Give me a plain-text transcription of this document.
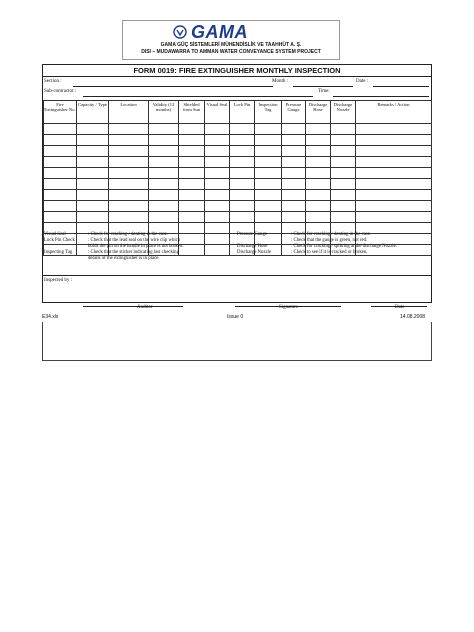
GAMA
GAMA GÜÇ SİSTEMLERİ MÜHENDİSLİK VE TAAHHÜT A. Ş.
DISI – MUDAWARRA TO AMMAN WATER CONVEYANCE SYSTEM PROJECT
FORM 0019: FIRE EXTINGUISHER MONTHLY INSPECTION
Section :	Month :	Date :
Sub-contractor :	Time:
Fire Extinguisher No.	Capacity / Type	Location	Validity (12 months)	Shielded from Sun	Visual Seal	Lock Pin	Inspection Tag	Pressure Gauge	Discharge Hose	Discharge Nozzle	Remarks / Action

Visual Seal	: Check for cracking / denting in the case.
Lock Pin Check	: Check that the lead seal on the wire clip which
holds the pin on the handle in place is not broken.
Inspecting Tag	: Check that the sticker indicating last checking
details of the extinguisher is in place.
Pressure Gauge	: Check for cracking / denting in the case.
: Check that the gauge is green, not red.
Discharge Hose	: Check for cracking / splitting at the discharge Nozzle.
Discharge Nozzle	: Check to see if it is cracked or broken.
Inspected by :
Auditor	Signature	Date
E34.xls	Issue 0	14.08.2008
